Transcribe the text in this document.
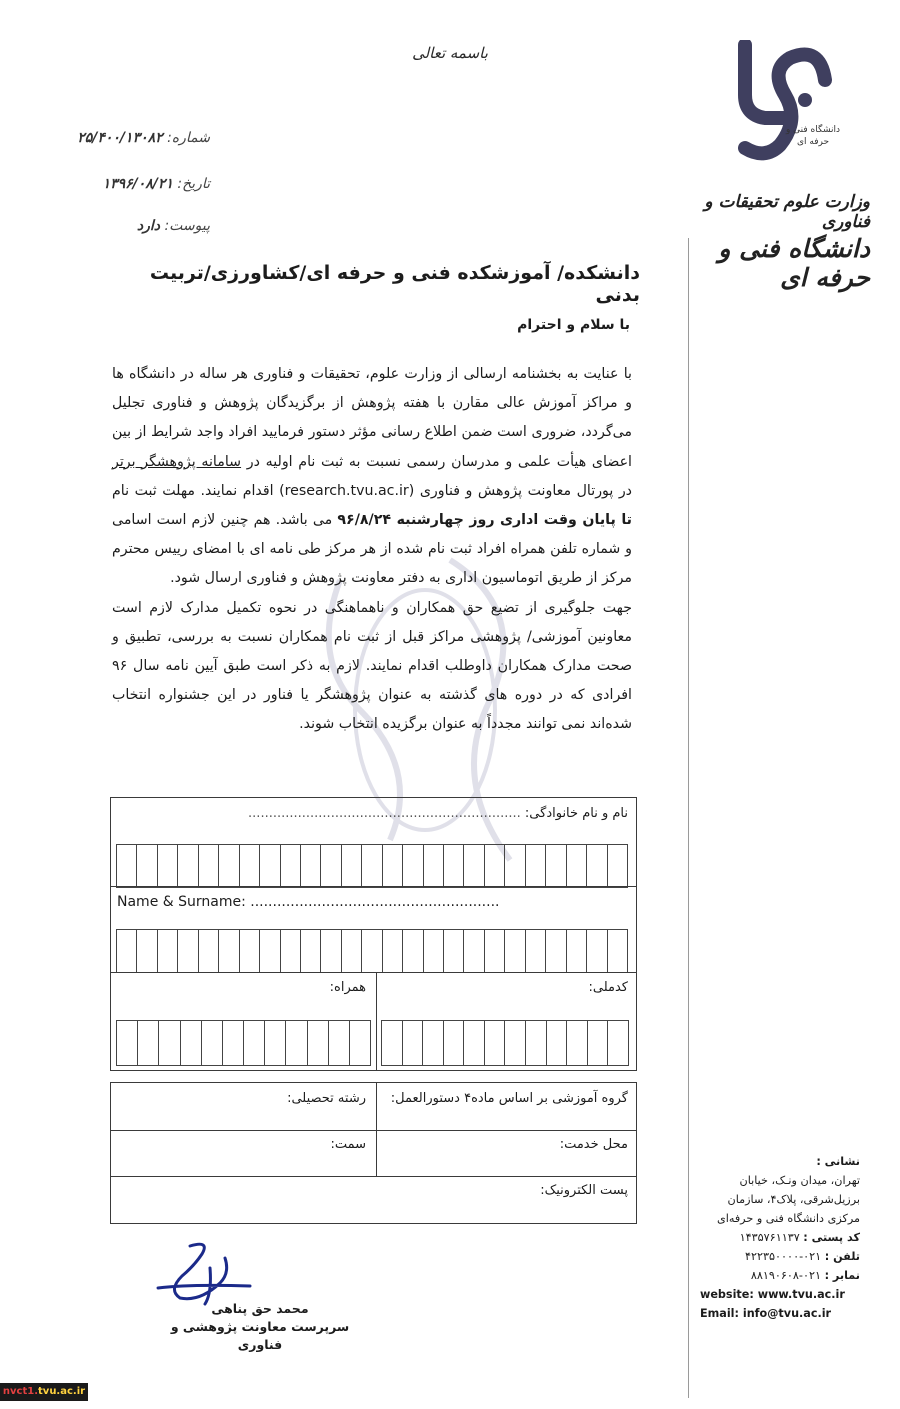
باسمه تعالی
شماره: ۲۵/۴۰۰/۱۳۰۸۲
تاریخ: ۱۳۹۶/۰۸/۲۱
پیوست: دارد
دانشگاه فنی و حرفه ای
وزارت علوم تحقیقات و فناوری
دانشگاه فنی و حرفه ای
دانشکده/ آموزشکده فنی و حرفه ای/کشاورزی/تربیت بدنی
با سلام و احترام
با عنایت به بخشنامه ارسالی از وزارت علوم، تحقیقات و فناوری هر ساله در دانشگاه ها و مراکز آموزش عالی مقارن با هفته پژوهش از برگزیدگان پژوهش و فناوری تجلیل می‌گردد، ضروری است ضمن اطلاع رسانی مؤثر دستور فرمایید افراد واجد شرایط از بین اعضای هیأت علمی و مدرسان رسمی نسبت به ثبت نام اولیه در سامانه پژوهشگر برتر در پورتال معاونت پژوهش و فناوری (research.tvu.ac.ir) اقدام نمایند. مهلت ثبت نام تا پایان وقت اداری روز چهارشنبه ۹۶/۸/۲۴ می باشد. هم چنین لازم است اسامی و شماره تلفن همراه افراد ثبت نام شده از هر مرکز طی نامه ای با امضای رییس محترم مرکز از طریق اتوماسیون اداری به دفتر معاونت پژوهش و فناوری ارسال شود.
جهت جلوگیری از تضیع حق همکاران و ناهماهنگی در نحوه تکمیل مدارک لازم است معاونین آموزشی/ پژوهشی مراکز قبل از ثبت نام همکاران نسبت به بررسی، تطبیق و صحت مدارک همکاران داوطلب اقدام نمایند. لازم به ذکر است طبق آیین نامه سال ۹۶ افرادی که در دوره های گذشته به عنوان پژوهشگر یا فناور در این جشنواره انتخاب شده‌اند نمی توانند مجدداً به عنوان برگزیده انتخاب شوند.
نام و نام خانوادگی: ..................................................................
Name & Surname: ........................................................
کدملی:
همراه:
گروه آموزشی بر اساس ماده۴ دستورالعمل:
رشته تحصیلی:
محل خدمت:
سمت:
پست الکترونیک:
نشانی :
تهران، میدان ونـک، خیابان
برزیل‌شرقی، پلاک۴، سازمان
مرکزی دانشگاه فنی و حرفه‌ای
کد پستی : ۱۴۳۵۷۶۱۱۳۷
تلفن : ۰۲۱-۴۲۲۳۵۰۰۰۰
نمابر : ۰۲۱-۸۸۱۹۰۶۰۸
website: www.tvu.ac.ir
Email: info@tvu.ac.ir
محمد حق پناهی
سرپرست معاونت پژوهشی و فناوری
nvct1.tvu.ac.ir
